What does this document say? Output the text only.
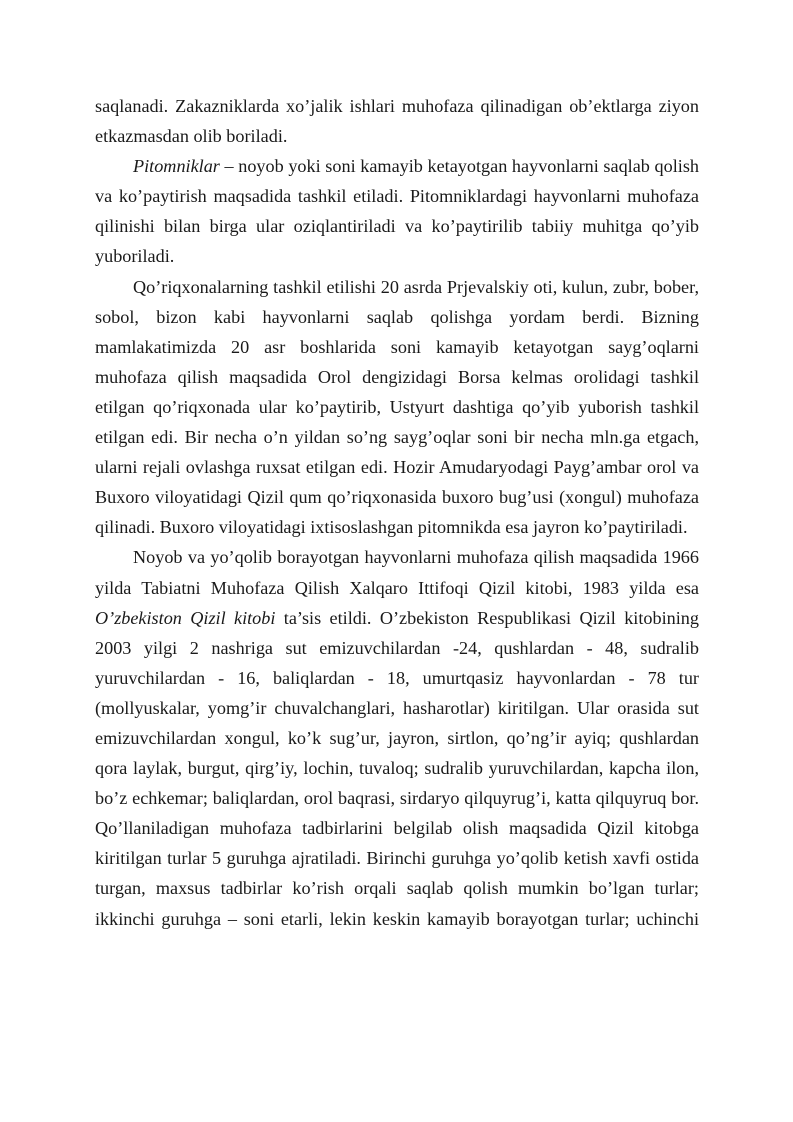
saqlanadi. Zakazniklarda xo’jalik ishlari muhofaza qilinadigan ob’ektlarga ziyon etkazmasdan olib boriladi.

Pitomniklar – noyob yoki soni kamayib ketayotgan hayvonlarni saqlab qolish va ko’paytirish maqsadida tashkil etiladi. Pitomniklardagi hayvonlarni muhofaza qilinishi bilan birga ular oziqlantiriladi va ko’paytirilib tabiiy muhitga qo’yib yuboriladi.

Qo’riqxonalarning tashkil etilishi 20 asrda Prjevalskiy oti, kulun, zubr, bober, sobol, bizon kabi hayvonlarni saqlab qolishga yordam berdi. Bizning mamlakatimizda 20 asr boshlarida soni kamayib ketayotgan sayg’oqlarni muhofaza qilish maqsadida Orol dengizidagi Borsa kelmas orolidagi tashkil etilgan qo’riqxonada ular ko’paytirib, Ustyurt dashtiga qo’yib yuborish tashkil etilgan edi. Bir necha o’n yildan so’ng sayg’oqlar soni bir necha mln.ga etgach, ularni rejali ovlashga ruxsat etilgan edi. Hozir Amudaryodagi Payg’ambar orol va Buxoro viloyatidagi Qizil qum qo’riqxonasida buxoro bug’usi (xongul) muhofaza qilinadi. Buxoro viloyatidagi ixtisoslashgan pitomnikda esa jayron ko’paytiriladi.

Noyob va yo’qolib borayotgan hayvonlarni muhofaza qilish maqsadida 1966 yilda Tabiatni Muhofaza Qilish Xalqaro Ittifoqi Qizil kitobi, 1983 yilda esa O’zbekiston Qizil kitobi ta’sis etildi. O’zbekiston Respublikasi Qizil kitobining 2003 yilgi 2 nashriga sut emizuvchilardan -24, qushlardan - 48, sudralib yuruvchilardan - 16, baliqlardan - 18, umurtqasiz hayvonlardan - 78 tur (mollyuskalar, yomg’ir chuvalchanglari, hasharotlar) kiritilgan. Ular orasida sut emizuvchilardan xongul, ko’k sug’ur, jayron, sirtlon, qo’ng’ir ayiq; qushlardan qora laylak, burgut, qirg’iy, lochin, tuvaloq; sudralib yuruvchilardan, kapcha ilon, bo’z echkemar; baliqlardan, orol baqrasi, sirdaryo qilquyrug’i, katta qilquyruq bor. Qo’llaniladigan muhofaza tadbirlarini belgilab olish maqsadida Qizil kitobga kiritilgan turlar 5 guruhga ajratiladi. Birinchi guruhga yo’qolib ketish xavfi ostida turgan, maxsus tadbirlar ko’rish orqali saqlab qolish mumkin bo’lgan turlar; ikkinchi guruhga – soni etarli, lekin keskin kamayib borayotgan turlar; uchinchi
